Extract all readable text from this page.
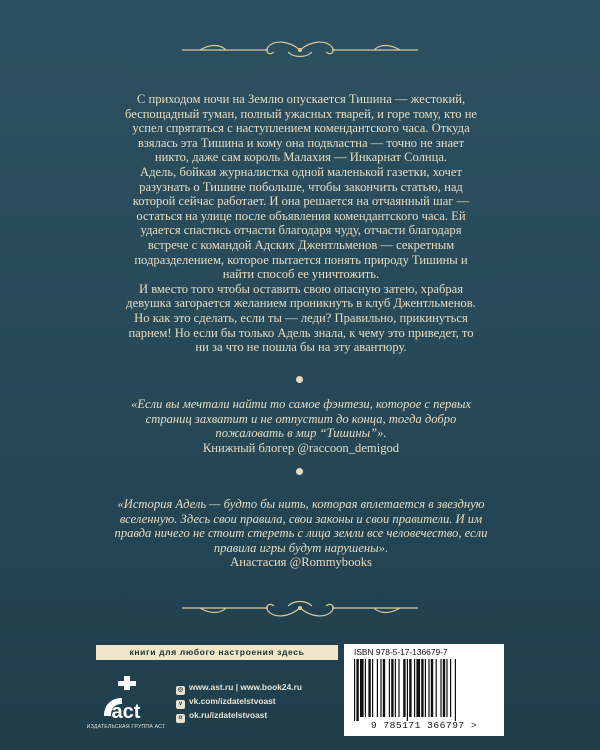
С приходом ночи на Землю опускается Тишина — жестокий, беспощадный туман, полный ужасных тварей, и горе тому, кто не успел спрятаться с наступлением комендантского часа. Откуда взялась эта Тишина и кому она подвластна — точно не знает никто, даже сам король Малахия — Инкарнат Солнца.

Адель, бойкая журналистка одной маленькой газетки, хочет разузнать о Тишине побольше, чтобы закончить статью, над которой сейчас работает. И она решается на отчаянный шаг — остаться на улице после объявления комендантского часа. Ей удается спастись отчасти благодаря чуду, отчасти благодаря встрече с командой Адских Джентльменов — секретным подразделением, которое пытается понять природу Тишины и найти способ ее уничтожить.

И вместо того чтобы оставить свою опасную затею, храбрая девушка загорается желанием проникнуть в клуб Джентльменов. Но как это сделать, если ты — леди? Правильно, прикинуться парнем! Но если бы только Адель знала, к чему это приведет, то ни за что не пошла бы на эту авантюру.

«Если вы мечтали найти то самое фэнтези, которое с первых страниц захватит и не отпустит до конца, тогда добро пожаловать в мир “Тишины”».

Книжный блогер @raccoon_demigod

«История Адель — будто бы нить, которая вплетается в звездную вселенную. Здесь свои правила, свои законы и свои правители. И им правда ничего не стоит стереть с лица земли все человечество, если правила игры будут нарушены».

Анастасия @Rommybooks

книги для любого настроения здесь
act
ИЗДАТЕЛЬСКАЯ ГРУППА АСТ
◎ www.ast.ru | www.book24.ru
v vk.com/izdatelstvoast
o ok.ru/izdatelstvoast
ISBN 978-5-17-136679-7
9 785171 366797 >
